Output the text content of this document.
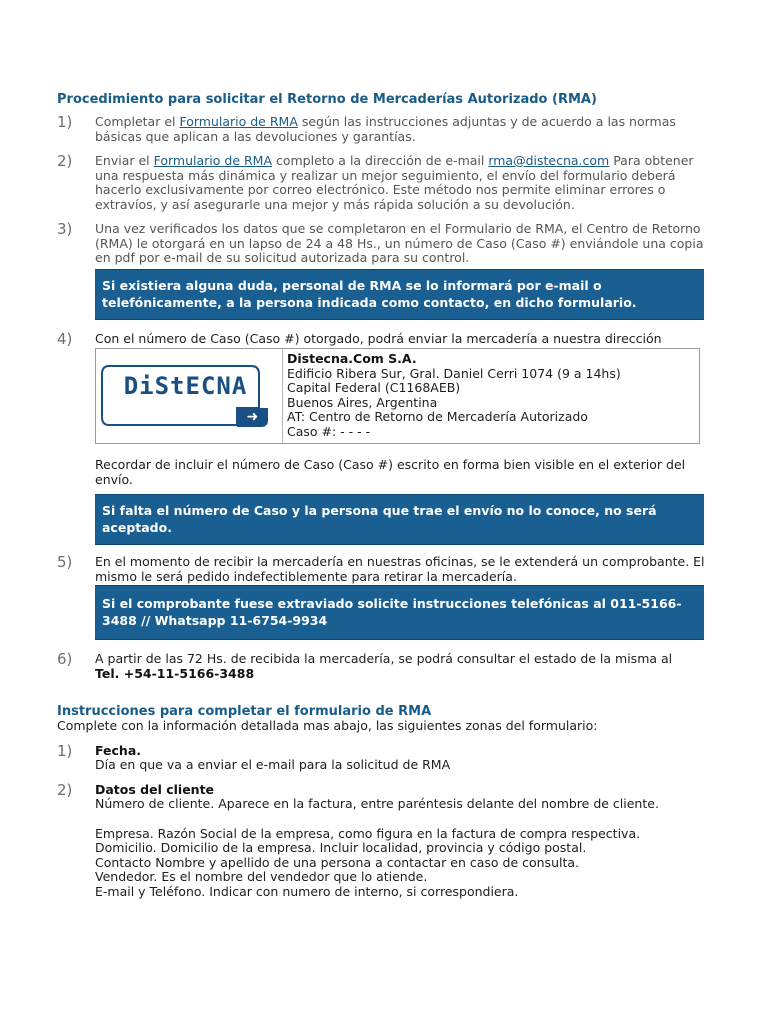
Procedimiento para solicitar el Retorno de Mercaderías Autorizado (RMA)
1) Completar el Formulario de RMA según las instrucciones adjuntas y de acuerdo a las normas básicas que aplican a las devoluciones y garantías.
2) Enviar el Formulario de RMA completo a la dirección de e-mail rma@distecna.com Para obtener una respuesta más dinámica y realizar un mejor seguimiento, el envío del formulario deberá hacerlo exclusivamente por correo electrónico. Este método nos permite eliminar errores o extravíos, y así asegurarle una mejor y más rápida solución a su devolución.
3) Una vez verificados los datos que se completaron en el Formulario de RMA, el Centro de Retorno (RMA) le otorgará en un lapso de 24 a 48 Hs., un número de Caso (Caso #) enviándole una copia en pdf por e-mail de su solicitud autorizada para su control.
Si existiera alguna duda, personal de RMA se lo informará por e-mail o telefónicamente, a la persona indicada como contacto, en dicho formulario.
4) Con el número de Caso (Caso #) otorgado, podrá enviar la mercadería a nuestra dirección
DiStECNA
➜
Distecna.Com S.A.
Edificio Ribera Sur, Gral. Daniel Cerri 1074 (9 a 14hs)
Capital Federal (C1168AEB)
Buenos Aires, Argentina
AT: Centro de Retorno de Mercadería Autorizado
Caso #: - - - -
Recordar de incluir el número de Caso (Caso #) escrito en forma bien visible en el exterior del envío.
Si falta el número de Caso y la persona que trae el envío no lo conoce, no será aceptado.
5) En el momento de recibir la mercadería en nuestras oficinas, se le extenderá un comprobante. El mismo le será pedido indefectiblemente para retirar la mercadería.
Si el comprobante fuese extraviado solicite instrucciones telefónicas al 011-5166-3488 // Whatsapp 11-6754-9934
6) A partir de las 72 Hs. de recibida la mercadería, se podrá consultar el estado de la misma al
Tel. +54-11-5166-3488
Instrucciones para completar el formulario de RMA
Complete con la información detallada mas abajo, las siguientes zonas del formulario:
1) Fecha.
Día en que va a enviar el e-mail para la solicitud de RMA
2) Datos del cliente
Número de cliente. Aparece en la factura, entre paréntesis delante del nombre de cliente.
Empresa. Razón Social de la empresa, como figura en la factura de compra respectiva.
Domicilio. Domicilio de la empresa. Incluir localidad, provincia y código postal.
Contacto Nombre y apellido de una persona a contactar en caso de consulta.
Vendedor. Es el nombre del vendedor que lo atiende.
E-mail y Teléfono. Indicar con numero de interno, si correspondiera.
